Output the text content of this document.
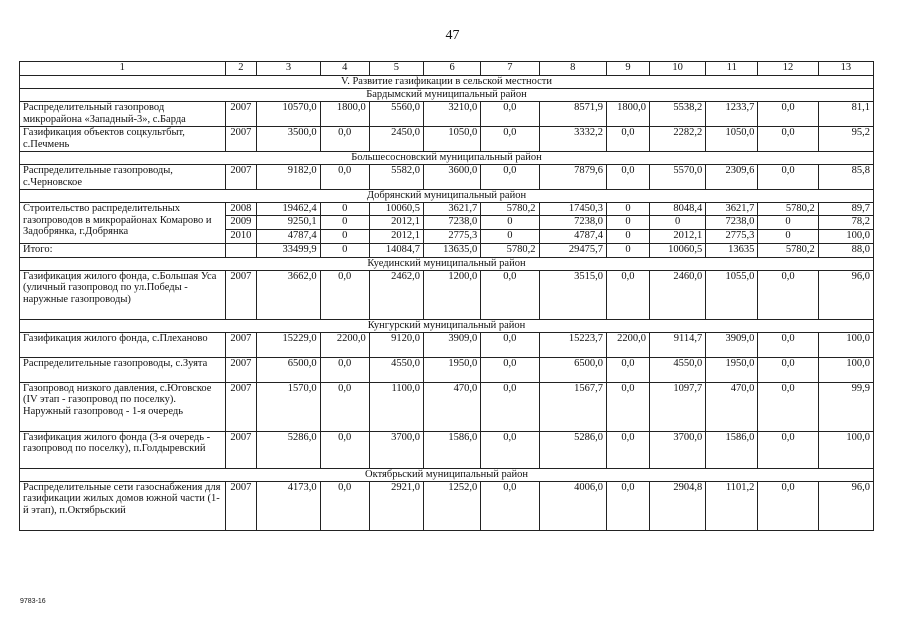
47
1	2	3	4	5	6	7	8	9	10	11	12	13
V. Развитие газификации в сельской местности												
Бардымский муниципальный район												
Распределительный газопровод микрорайона «Западный-3», с.Барда	2007	10570,0	1800,0	5560,0	3210,0	0,0	8571,9	1800,0	5538,2	1233,7	0,0	81,1
Газификация объектов соцкультбыт, с.Печмень	2007	3500,0	0,0	2450,0	1050,0	0,0	3332,2	0,0	2282,2	1050,0	0,0	95,2
Большесосновский муниципальный район												
Распределительные газопроводы, с.Черновское	2007	9182,0	0,0	5582,0	3600,0	0,0	7879,6	0,0	5570,0	2309,6	0,0	85,8
Добрянский муниципальный район												
Строительство распределительных газопроводов в микрорайонах Комарово и Задобрянка, г.Добрянка	2008	19462,4	0	10060,5	3621,7	5780,2	17450,3	0	8048,4	3621,7	5780,2	89,7
	2009	9250,1	0	2012,1	7238,0	0	7238,0	0	0	7238,0	0	78,2
	2010	4787,4	0	2012,1	2775,3	0	4787,4	0	2012,1	2775,3	0	100,0
Итого:		33499,9	0	14084,7	13635,0	5780,2	29475,7	0	10060,5	13635	5780,2	88,0
Куединский муниципальный район												
Газификация жилого фонда, с.Большая Уса (уличный газопровод по ул.Победы - наружные газопроводы)	2007	3662,0	0,0	2462,0	1200,0	0,0	3515,0	0,0	2460,0	1055,0	0,0	96,0
Кунгурский муниципальный район												
Газификация жилого фонда, с.Плеханово	2007	15229,0	2200,0	9120,0	3909,0	0,0	15223,7	2200,0	9114,7	3909,0	0,0	100,0
Распределительные газопроводы, с.Зуята	2007	6500,0	0,0	4550,0	1950,0	0,0	6500,0	0,0	4550,0	1950,0	0,0	100,0
Газопровод низкого давления, с.Юговское (IV этап - газопровод по поселку). Наружный газопровод - 1-я очередь	2007	1570,0	0,0	1100,0	470,0	0,0	1567,7	0,0	1097,7	470,0	0,0	99,9
Газификация жилого фонда (3-я очередь - газопровод по поселку), п.Голдыревский	2007	5286,0	0,0	3700,0	1586,0	0,0	5286,0	0,0	3700,0	1586,0	0,0	100,0
Октябрьский муниципальный район												
Распределительные сети газоснабжения для газификации жилых домов южной части (1-й этап), п.Октябрьский	2007	4173,0	0,0	2921,0	1252,0	0,0	4006,0	0,0	2904,8	1101,2	0,0	96,0
9783-16
